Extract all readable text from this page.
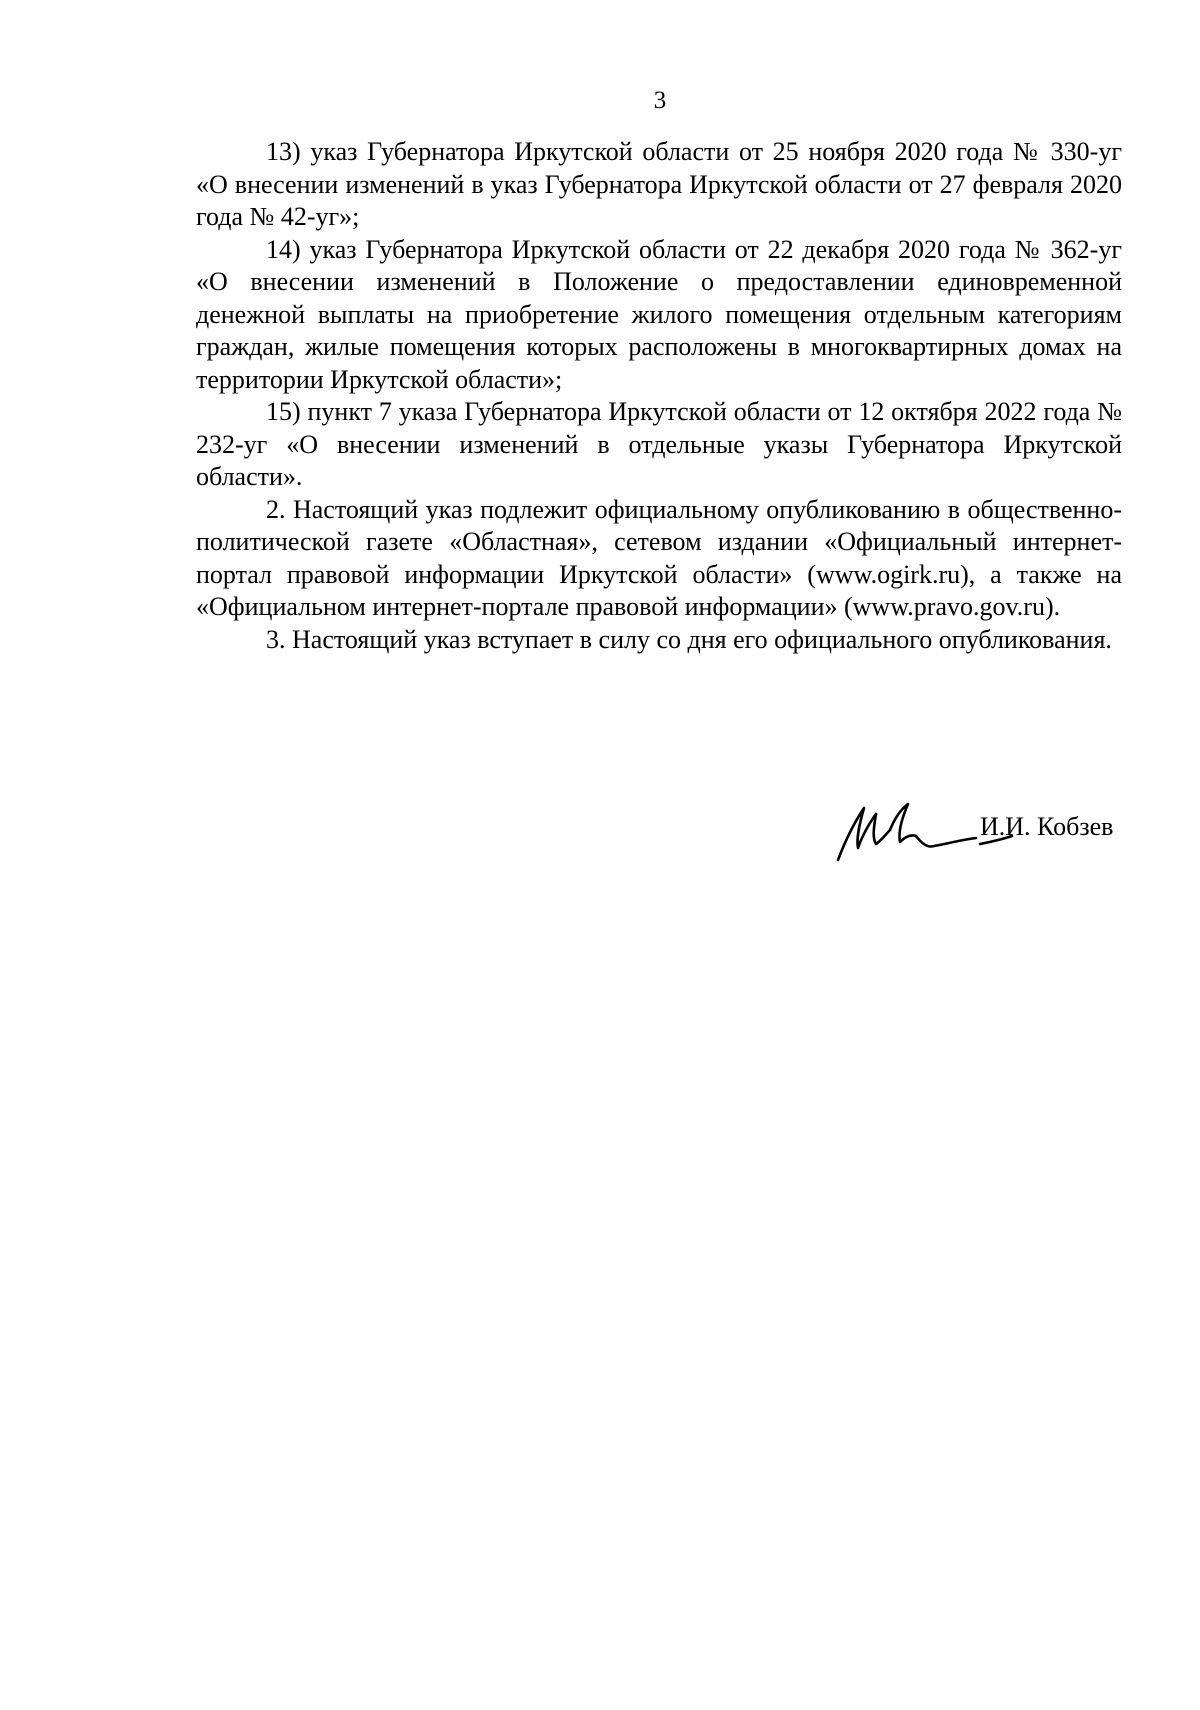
3

13) указ Губернатора Иркутской области от 25 ноября 2020 года № 330-уг «О внесении изменений в указ Губернатора Иркутской области от 27 февраля 2020 года № 42-уг»;

14) указ Губернатора Иркутской области от 22 декабря 2020 года № 362-уг «О внесении изменений в Положение о предоставлении единовременной денежной выплаты на приобретение жилого помещения отдельным категориям граждан, жилые помещения которых расположены в многоквартирных домах на территории Иркутской области»;

15) пункт 7 указа Губернатора Иркутской области от 12 октября 2022 года № 232-уг «О внесении изменений в отдельные указы Губернатора Иркутской области».

2. Настоящий указ подлежит официальному опубликованию в общественно-политической газете «Областная», сетевом издании «Официальный интернет-портал правовой информации Иркутской области» (www.ogirk.ru), а также на «Официальном интернет-портале правовой информации» (www.pravo.gov.ru).

3. Настоящий указ вступает в силу со дня его официального опубликования.

И.И. Кобзев
